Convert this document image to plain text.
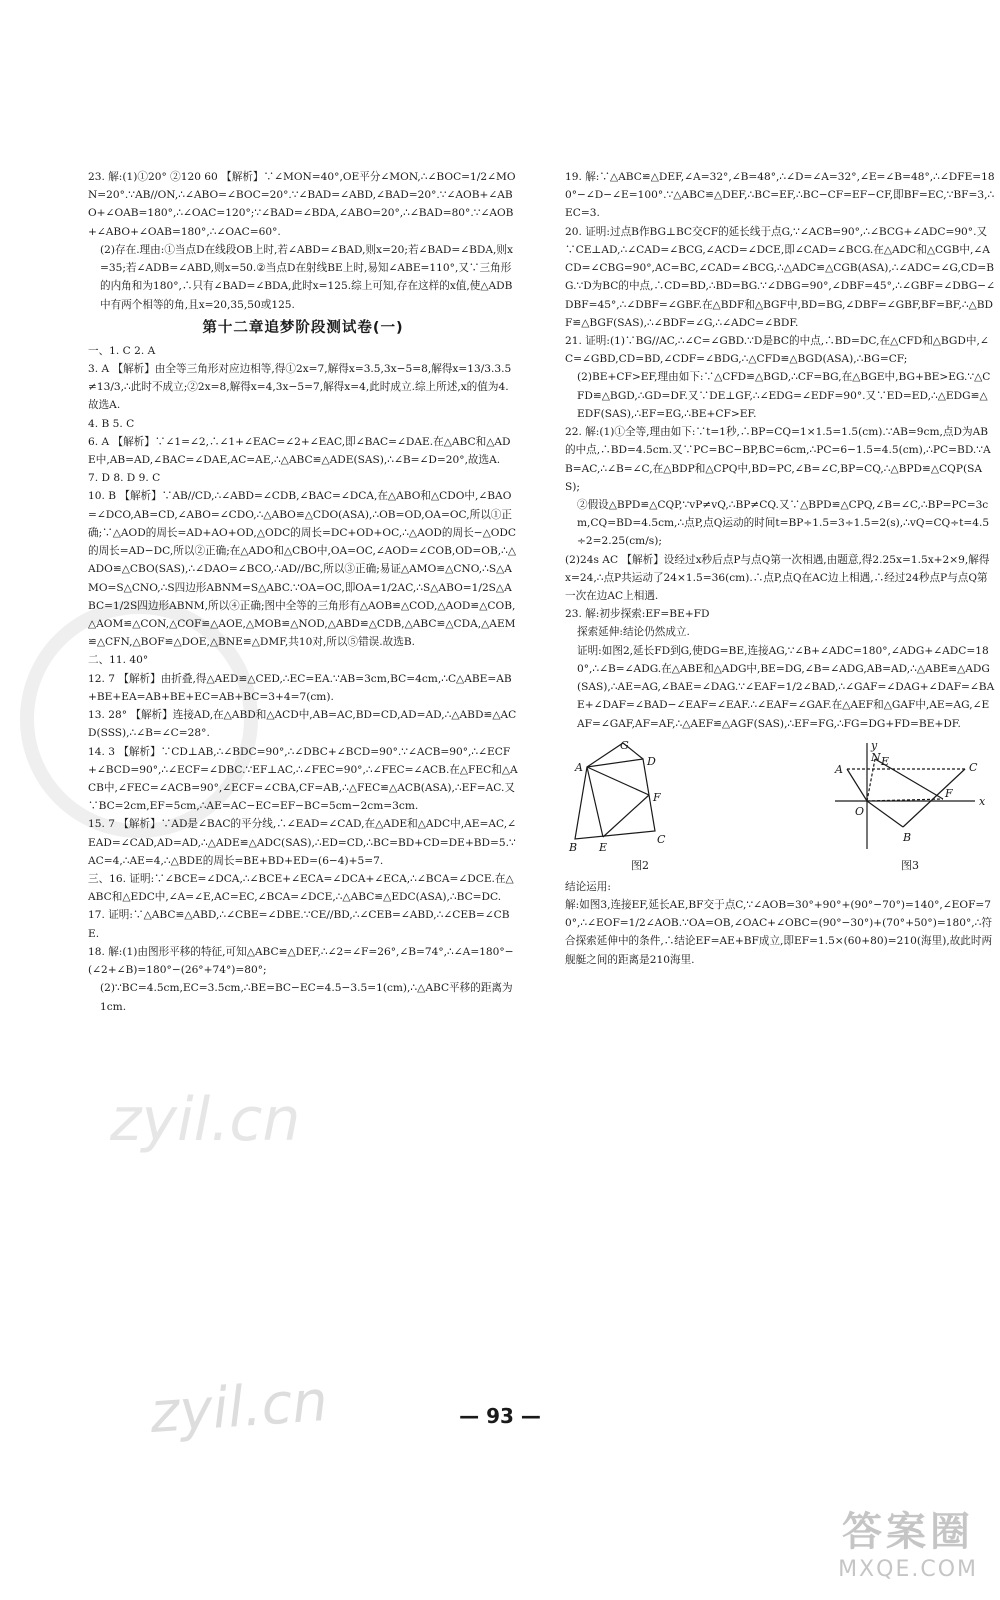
23. 解:(1)①20° ②120 60 【解析】∵∠MON=40°,OE平分∠MON,∴∠BOC=1/2∠MON=20°.∵AB//ON,∴∠ABO=∠BOC=20°.∵∠BAD=∠ABD,∠BAD=20°.∵∠AOB+∠ABO+∠OAB=180°,∴∠OAC=120°;∵∠BAD=∠BDA,∠ABO=20°,∴∠BAD=80°.∵∠AOB+∠ABO+∠OAB=180°,∴∠OAC=60°.

(2)存在.理由:①当点D在线段OB上时,若∠ABD=∠BAD,则x=20;若∠BAD=∠BDA,则x=35;若∠ADB=∠ABD,则x=50.②当点D在射线BE上时,易知∠ABE=110°,又∵三角形的内角和为180°,∴只有∠BAD=∠BDA,此时x=125.综上可知,存在这样的x值,使△ADB中有两个相等的角,且x=20,35,50或125.

第十二章追梦阶段测试卷(一)

一、1. C 2. A

3. A 【解析】由全等三角形对应边相等,得①2x=7,解得x=3.5,3x−5=8,解得x=13/3.3.5≠13/3,∴此时不成立;②2x=8,解得x=4,3x−5=7,解得x=4,此时成立.综上所述,x的值为4.故选A.

4. B 5. C

6. A 【解析】∵∠1=∠2,∴∠1+∠EAC=∠2+∠EAC,即∠BAC=∠DAE.在△ABC和△ADE中,AB=AD,∠BAC=∠DAE,AC=AE,∴△ABC≌△ADE(SAS),∴∠B=∠D=20°,故选A.

7. D 8. D 9. C

10. B 【解析】∵AB//CD,∴∠ABD=∠CDB,∠BAC=∠DCA,在△ABO和△CDO中,∠BAO=∠DCO,AB=CD,∠ABO=∠CDO,∴△ABO≌△CDO(ASA),∴OB=OD,OA=OC,所以①正确;∵△AOD的周长=AD+AO+OD,△ODC的周长=DC+OD+OC,∴△AOD的周长−△ODC的周长=AD−DC,所以②正确;在△ADO和△CBO中,OA=OC,∠AOD=∠COB,OD=OB,∴△ADO≌△CBO(SAS),∴∠DAO=∠BCO,∴AD//BC,所以③正确;易证△AMO≌△CNO,∴S△AMO=S△CNO,∴S四边形ABNM=S△ABC.∵OA=OC,即OA=1/2AC,∴S△ABO=1/2S△ABC=1/2S四边形ABNM,所以④正确;图中全等的三角形有△AOB≌△COD,△AOD≌△COB,△AOM≌△CON,△COF≌△AOE,△MOB≌△NOD,△ABD≌△CDB,△ABC≌△CDA,△AEM≌△CFN,△BOF≌△DOE,△BNE≌△DMF,共10对,所以⑤错误.故选B.

二、11. 40°

12. 7 【解析】由折叠,得△AED≌△CED,∴EC=EA.∵AB=3cm,BC=4cm,∴C△ABE=AB+BE+EA=AB+BE+EC=AB+BC=3+4=7(cm).

13. 28° 【解析】连接AD,在△ABD和△ACD中,AB=AC,BD=CD,AD=AD,∴△ABD≌△ACD(SSS),∴∠B=∠C=28°.

14. 3 【解析】∵CD⊥AB,∴∠BDC=90°,∴∠DBC+∠BCD=90°.∵∠ACB=90°,∴∠ECF+∠BCD=90°,∴∠ECF=∠DBC.∵EF⊥AC,∴∠FEC=90°,∴∠FEC=∠ACB.在△FEC和△ACB中,∠FEC=∠ACB=90°,∠ECF=∠CBA,CF=AB,∴△FEC≌△ACB(ASA),∴EF=AC.又∵BC=2cm,EF=5cm,∴AE=AC−EC=EF−BC=5cm−2cm=3cm.

15. 7 【解析】∵AD是∠BAC的平分线,∴∠EAD=∠CAD,在△ADE和△ADC中,AE=AC,∠EAD=∠CAD,AD=AD,∴△ADE≌△ADC(SAS),∴ED=CD,∴BC=BD+CD=DE+BD=5.∵AC=4,∴AE=4,∴△BDE的周长=BE+BD+ED=(6−4)+5=7.

三、16. 证明:∵∠BCE=∠DCA,∴∠BCE+∠ECA=∠DCA+∠ECA,∴∠BCA=∠DCE.在△ABC和△EDC中,∠A=∠E,AC=EC,∠BCA=∠DCE,∴△ABC≌△EDC(ASA),∴BC=DC.

17. 证明:∵△ABC≌△ABD,∴∠CBE=∠DBE.∵CE//BD,∴∠CEB=∠ABD,∴∠CEB=∠CBE.

18. 解:(1)由图形平移的特征,可知△ABC≌△DEF,∴∠2=∠F=26°,∠B=74°,∴∠A=180°−(∠2+∠B)=180°−(26°+74°)=80°;

(2)∵BC=4.5cm,EC=3.5cm,∴BE=BC−EC=4.5−3.5=1(cm),∴△ABC平移的距离为1cm.

19. 解:∵△ABC≌△DEF,∠A=32°,∠B=48°,∴∠D=∠A=32°,∠E=∠B=48°,∴∠DFE=180°−∠D−∠E=100°.∵△ABC≌△DEF,∴BC=EF,∴BC−CF=EF−CF,即BF=EC,∵BF=3,∴EC=3.

20. 证明:过点B作BG⊥BC交CF的延长线于点G,∵∠ACB=90°,∴∠BCG+∠ADC=90°.又∵CE⊥AD,∴∠CAD=∠BCG,∠ACD=∠DCE,即∠CAD=∠BCG.在△ADC和△CGB中,∠ACD=∠CBG=90°,AC=BC,∠CAD=∠BCG,∴△ADC≌△CGB(ASA),∴∠ADC=∠G,CD=BG.∵D为BC的中点,∴CD=BD,∴BD=BG.∵∠DBG=90°,∠DBF=45°,∴∠GBF=∠DBG−∠DBF=45°,∴∠DBF=∠GBF.在△BDF和△BGF中,BD=BG,∠DBF=∠GBF,BF=BF,∴△BDF≌△BGF(SAS),∴∠BDF=∠G,∴∠ADC=∠BDF.

21. 证明:(1)∵BG//AC,∴∠C=∠GBD.∵D是BC的中点,∴BD=DC,在△CFD和△BGD中,∠C=∠GBD,CD=BD,∠CDF=∠BDG,∴△CFD≌△BGD(ASA),∴BG=CF;

(2)BE+CF>EF,理由如下:∵△CFD≌△BGD,∴CF=BG,在△BGE中,BG+BE>EG.∵△CFD≌△BGD,∴GD=DF.又∵DE⊥GF,∴∠EDG=∠EDF=90°.又∵ED=ED,∴△EDG≌△EDF(SAS),∴EF=EG,∴BE+CF>EF.

22. 解:(1)①全等,理由如下:∵t=1秒,∴BP=CQ=1×1.5=1.5(cm).∵AB=9cm,点D为AB的中点,∴BD=4.5cm.又∵PC=BC−BP,BC=6cm,∴PC=6−1.5=4.5(cm),∴PC=BD.∵AB=AC,∴∠B=∠C,在△BDP和△CPQ中,BD=PC,∠B=∠C,BP=CQ,∴△BPD≌△CQP(SAS);

②假设△BPD≌△CQP,∵vP≠vQ,∴BP≠CQ.又∵△BPD≌△CPQ,∠B=∠C,∴BP=PC=3cm,CQ=BD=4.5cm,∴点P,点Q运动的时间t=BP÷1.5=3÷1.5=2(s),∴vQ=CQ÷t=4.5÷2=2.25(cm/s);

(2)24s AC 【解析】设经过x秒后点P与点Q第一次相遇,由题意,得2.25x=1.5x+2×9,解得x=24,∴点P共运动了24×1.5=36(cm).∴点P,点Q在AC边上相遇,∴经过24秒点P与点Q第一次在边AC上相遇.

23. 解:初步探索:EF=BE+FD

探索延伸:结论仍然成立.

证明:如图2,延长FD到G,使DG=BE,连接AG,∵∠B+∠ADC=180°,∠ADG+∠ADC=180°,∴∠B=∠ADG.在△ABE和△ADG中,BE=DG,∠B=∠ADG,AB=AD,∴△ABE≌△ADG(SAS),∴AE=AG,∠BAE=∠DAG.∵∠EAF=1/2∠BAD,∴∠GAF=∠DAG+∠DAF=∠BAE+∠DAF=∠BAD−∠EAF=∠EAF.∴∠EAF=∠GAF.在△AEF和△GAF中,AE=AG,∠EAF=∠GAF,AF=AF,∴△AEF≌△AGF(SAS),∴EF=FG,∴FG=DG+FD=BE+DF.

G
A	D
E
F
B
C
图2
y
A
N E	C
F
x
O
B
图3

结论运用:

解:如图3,连接EF,延长AE,BF交于点C,∵∠AOB=30°+90°+(90°−70°)=140°,∠EOF=70°,∴∠EOF=1/2∠AOB.∵OA=OB,∠OAC+∠OBC=(90°−30°)+(70°+50°)=180°,∴符合探索延伸中的条件,∴结论EF=AE+BF成立,即EF=1.5×(60+80)=210(海里),故此时两舰艇之间的距离是210海里.

— 93 —
zyil.cn
zyil.cn
答案圈
MXQE.COM
